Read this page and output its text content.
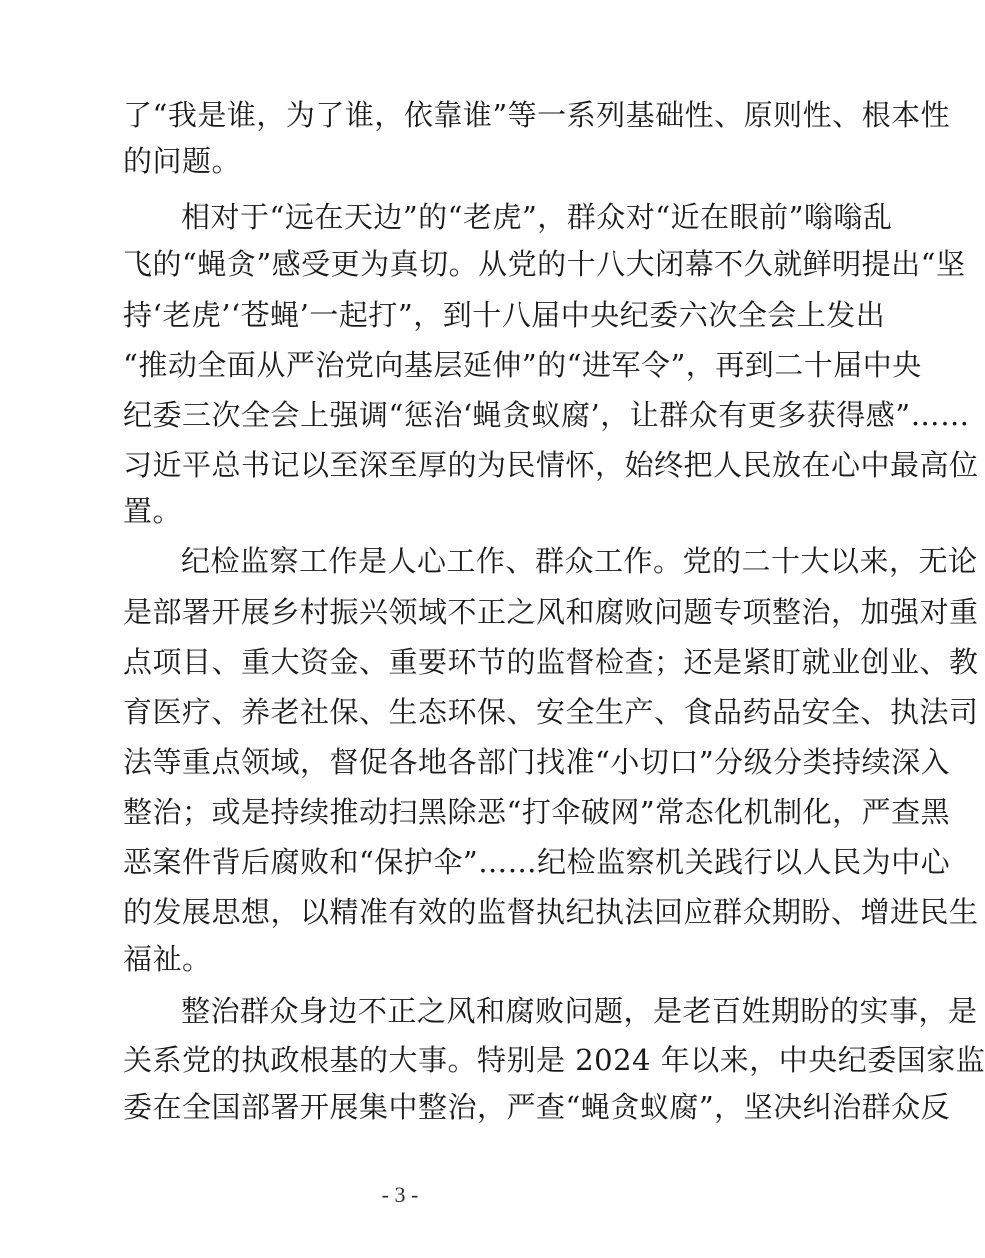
了“我是谁，为了谁，依靠谁”等一系列基础性、原则性、根本性
的问题。
相对于“远在天边”的“老虎”，群众对“近在眼前”嗡嗡乱
飞的“蝇贪”感受更为真切。从党的十八大闭幕不久就鲜明提出“坚
持‘老虎’‘苍蝇’一起打”，到十八届中央纪委六次全会上发出
“推动全面从严治党向基层延伸”的“进军令”，再到二十届中央
纪委三次全会上强调“惩治‘蝇贪蚁腐’，让群众有更多获得感”……
习近平总书记以至深至厚的为民情怀，始终把人民放在心中最高位
置。
纪检监察工作是人心工作、群众工作。党的二十大以来，无论
是部署开展乡村振兴领域不正之风和腐败问题专项整治，加强对重
点项目、重大资金、重要环节的监督检查；还是紧盯就业创业、教
育医疗、养老社保、生态环保、安全生产、食品药品安全、执法司
法等重点领域，督促各地各部门找准“小切口”分级分类持续深入
整治；或是持续推动扫黑除恶“打伞破网”常态化机制化，严查黑
恶案件背后腐败和“保护伞”……纪检监察机关践行以人民为中心
的发展思想，以精准有效的监督执纪执法回应群众期盼、增进民生
福祉。
整治群众身边不正之风和腐败问题，是老百姓期盼的实事，是
关系党的执政根基的大事。特别是 2024 年以来，中央纪委国家监
委在全国部署开展集中整治，严查“蝇贪蚁腐”，坚决纠治群众反
- 3 -
